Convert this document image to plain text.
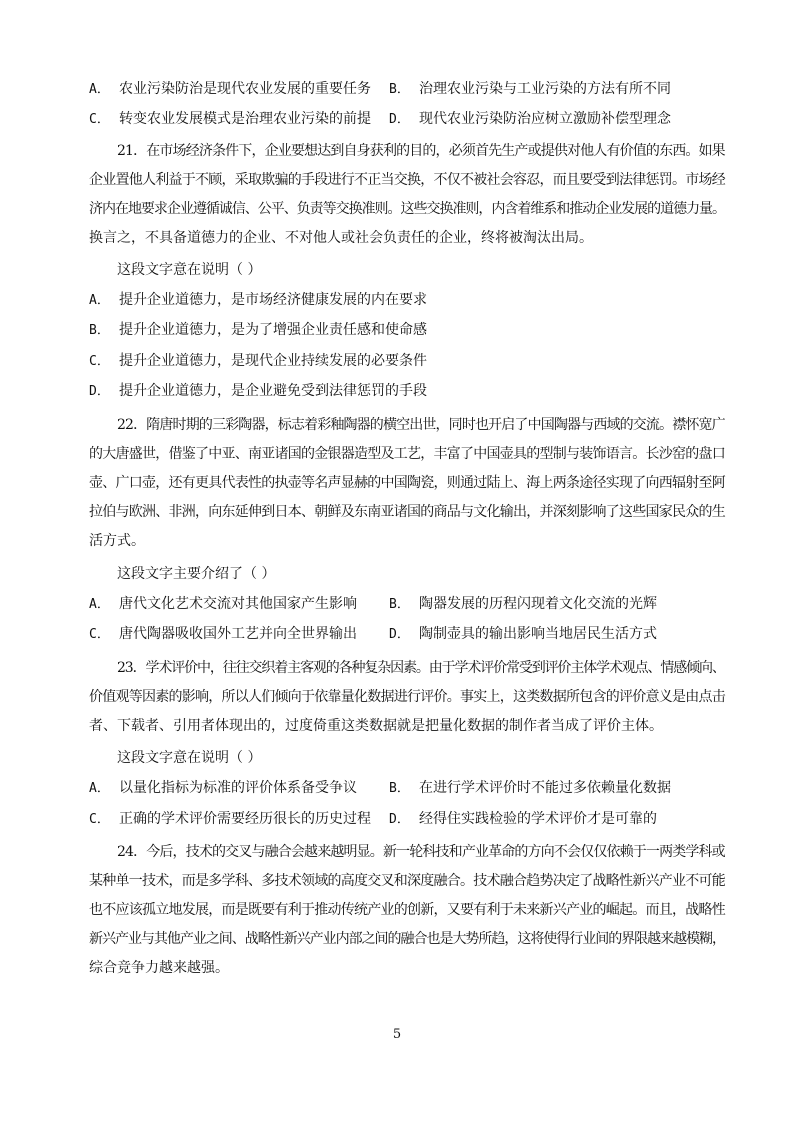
A． 农业污染防治是现代农业发展的重要任务 B． 治理农业污染与工业污染的方法有所不同
C． 转变农业发展模式是治理农业污染的前提 D． 现代农业污染防治应树立激励补偿型理念
21．在市场经济条件下，企业要想达到自身获利的目的，必须首先生产或提供对他人有价值的东西。如果
企业置他人利益于不顾，采取欺骗的手段进行不正当交换，不仅不被社会容忍，而且要受到法律惩罚。市场经
济内在地要求企业遵循诚信、公平、负责等交换准则。这些交换准则，内含着维系和推动企业发展的道德力量。
换言之，不具备道德力的企业、不对他人或社会负责任的企业，终将被淘汰出局。
这段文字意在说明（ ）
A． 提升企业道德力，是市场经济健康发展的内在要求
B． 提升企业道德力，是为了增强企业责任感和使命感
C． 提升企业道德力，是现代企业持续发展的必要条件
D． 提升企业道德力，是企业避免受到法律惩罚的手段
22．隋唐时期的三彩陶器，标志着彩釉陶器的横空出世，同时也开启了中国陶器与西域的交流。襟怀宽广
的大唐盛世，借鉴了中亚、南亚诸国的金银器造型及工艺，丰富了中国壶具的型制与装饰语言。长沙窑的盘口
壶、广口壶，还有更具代表性的执壶等名声显赫的中国陶瓷，则通过陆上、海上两条途径实现了向西辐射至阿
拉伯与欧洲、非洲，向东延伸到日本、朝鲜及东南亚诸国的商品与文化输出，并深刻影响了这些国家民众的生
活方式。
这段文字主要介绍了（ ）
A． 唐代文化艺术交流对其他国家产生影响 B． 陶器发展的历程闪现着文化交流的光辉
C． 唐代陶器吸收国外工艺并向全世界输出 D． 陶制壶具的输出影响当地居民生活方式
23．学术评价中，往往交织着主客观的各种复杂因素。由于学术评价常受到评价主体学术观点、情感倾向、
价值观等因素的影响，所以人们倾向于依靠量化数据进行评价。事实上，这类数据所包含的评价意义是由点击
者、下载者、引用者体现出的，过度倚重这类数据就是把量化数据的制作者当成了评价主体。
这段文字意在说明（ ）
A． 以量化指标为标准的评价体系备受争议 B． 在进行学术评价时不能过多依赖量化数据
C． 正确的学术评价需要经历很长的历史过程 D． 经得住实践检验的学术评价才是可靠的
24．今后，技术的交叉与融合会越来越明显。新一轮科技和产业革命的方向不会仅仅依赖于一两类学科或
某种单一技术，而是多学科、多技术领域的高度交叉和深度融合。技术融合趋势决定了战略性新兴产业不可能
也不应该孤立地发展，而是既要有利于推动传统产业的创新，又要有利于未来新兴产业的崛起。而且，战略性
新兴产业与其他产业之间、战略性新兴产业内部之间的融合也是大势所趋，这将使得行业间的界限越来越模糊，
综合竞争力越来越强。
5
